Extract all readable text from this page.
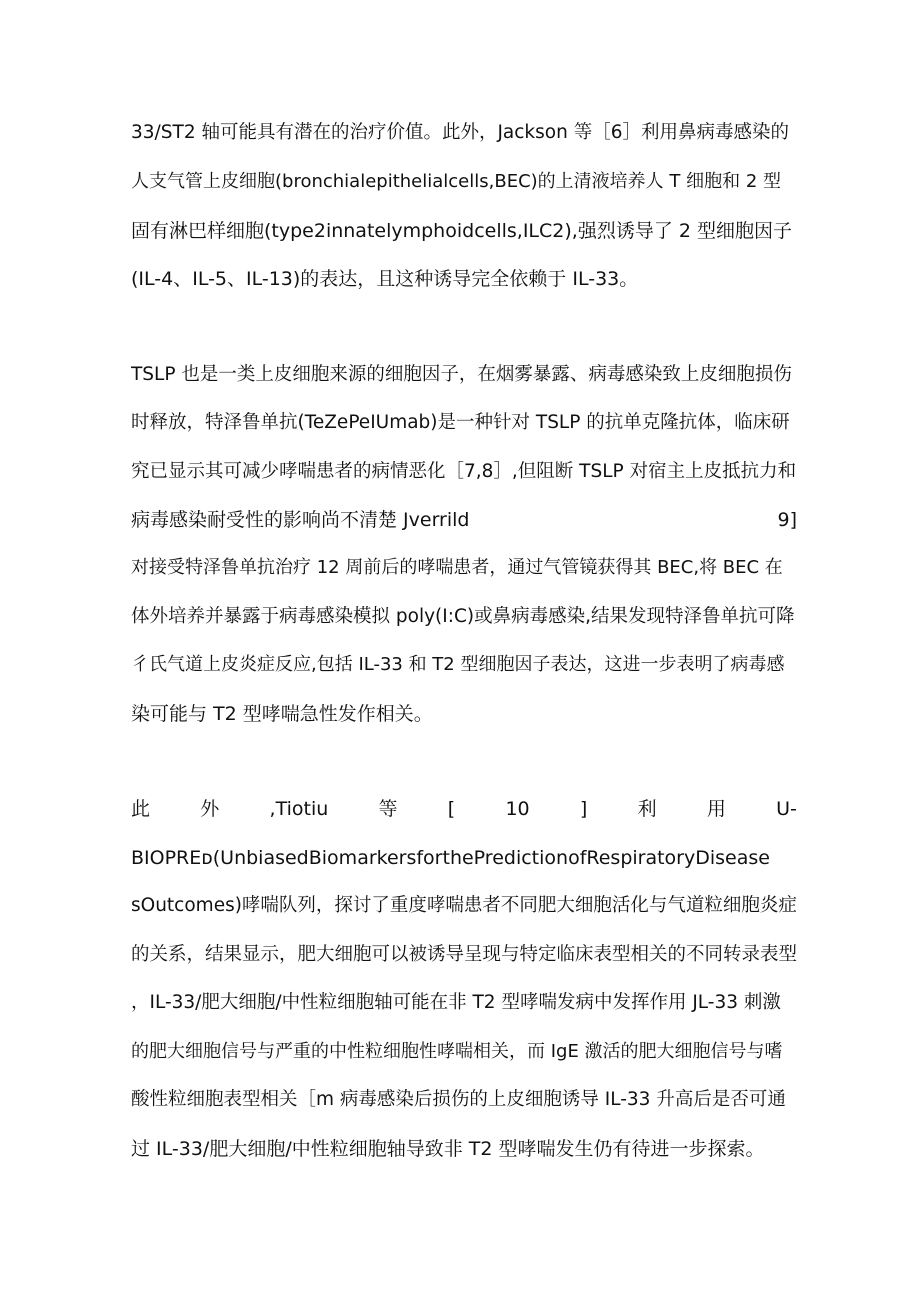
33/ST2 轴可能具有潜在的治疗价值。此外，Jackson 等［6］利用鼻病毒感染的
人支气管上皮细胞(bronchialepithelialcells,BEC)的上清液培养人 T 细胞和 2 型
固有淋巴样细胞(type2innatelymphoidcells,ILC2),强烈诱导了 2 型细胞因子
(IL-4、IL-5、IL-13)的表达，且这种诱导完全依赖于 IL-33。
TSLP 也是一类上皮细胞来源的细胞因子，在烟雾暴露、病毒感染致上皮细胞损伤
时释放，特泽鲁单抗(TeZePeIUmab)是一种针对 TSLP 的抗单克隆抗体，临床研
究已显示其可减少哮喘患者的病情恶化［7,8］,但阻断 TSLP 对宿主上皮抵抗力和
病毒感染耐受性的影响尚不清楚 Jverrild	9]
对接受特泽鲁单抗治疗 12 周前后的哮喘患者，通过气管镜获得其 BEC,将 BEC 在
体外培养并暴露于病毒感染模拟 poly(I:C)或鼻病毒感染,结果发现特泽鲁单抗可降
彳氏气道上皮炎症反应,包括 IL-33 和 T2 型细胞因子表达，这进一步表明了病毒感
染可能与 T2 型哮喘急性发作相关。
此	外	,Tiotiu	等	[	10	]	利	用	U-
BIOPREᴅ(UnbiasedBiomarkersforthePredictionofRespiratoryDisease
sOutcomes)哮喘队列，探讨了重度哮喘患者不同肥大细胞活化与气道粒细胞炎症
的关系，结果显示，肥大细胞可以被诱导呈现与特定临床表型相关的不同转录表型
，IL-33/肥大细胞/中性粒细胞轴可能在非 T2 型哮喘发病中发挥作用 JL-33 刺激
的肥大细胞信号与严重的中性粒细胞性哮喘相关，而 IgE 激活的肥大细胞信号与嗜
酸性粒细胞表型相关［m 病毒感染后损伤的上皮细胞诱导 IL-33 升高后是否可通
过 IL-33/肥大细胞/中性粒细胞轴导致非 T2 型哮喘发生仍有待进一步探索。
